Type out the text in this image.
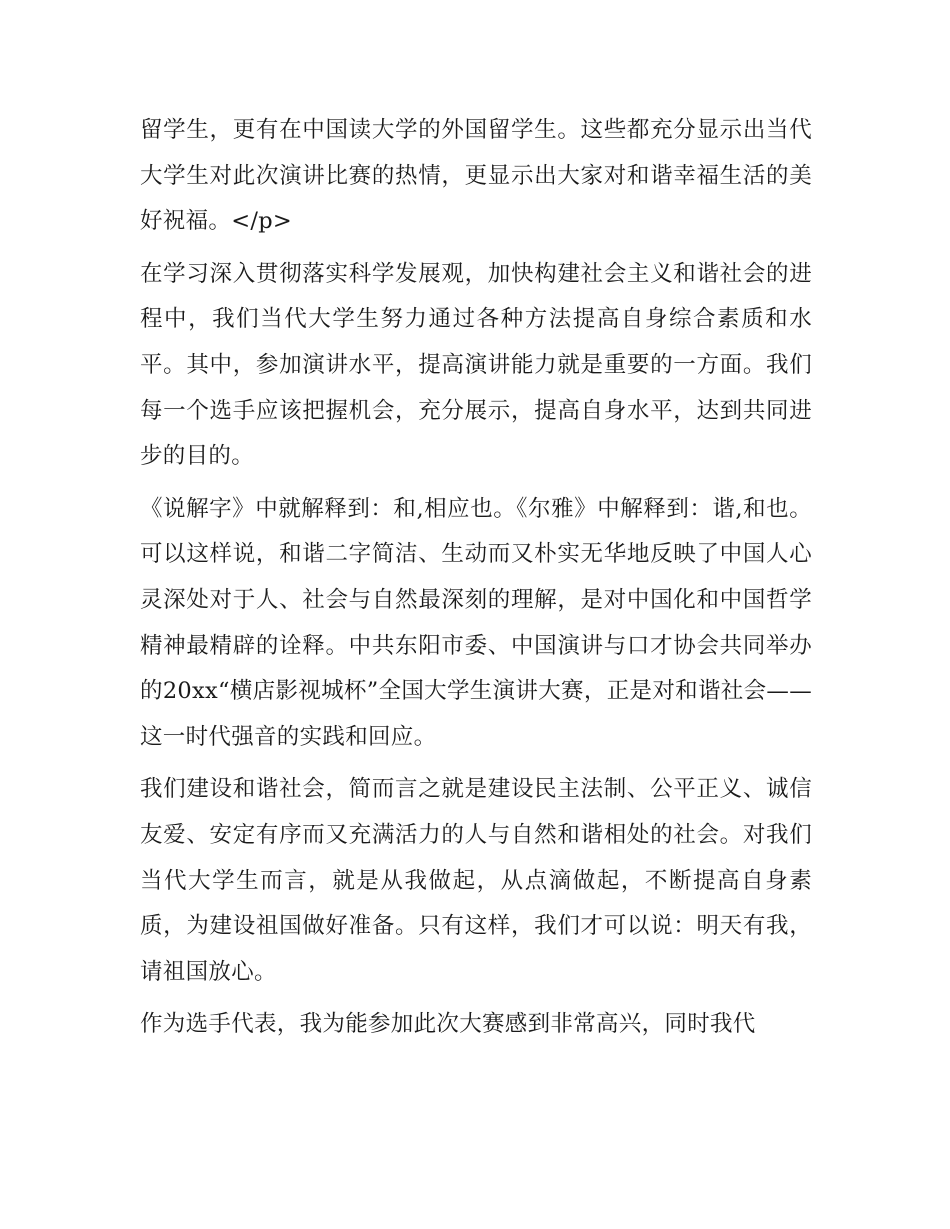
留学生，更有在中国读大学的外国留学生。这些都充分显示出当代大学生对此次演讲比赛的热情，更显示出大家对和谐幸福生活的美好祝福。</p>

在学习深入贯彻落实科学发展观，加快构建社会主义和谐社会的进程中，我们当代大学生努力通过各种方法提高自身综合素质和水平。其中，参加演讲水平，提高演讲能力就是重要的一方面。我们每一个选手应该把握机会，充分展示，提高自身水平，达到共同进步的目的。

《说解字》中就解释到：和,相应也。《尔雅》中解释到：谐,和也。可以这样说，和谐二字简洁、生动而又朴实无华地反映了中国人心灵深处对于人、社会与自然最深刻的理解，是对中国化和中国哲学精神最精辟的诠释。中共东阳市委、中国演讲与口才协会共同举办的20xx“横店影视城杯”全国大学生演讲大赛，正是对和谐社会——这一时代强音的实践和回应。

我们建设和谐社会，简而言之就是建设民主法制、公平正义、诚信友爱、安定有序而又充满活力的人与自然和谐相处的社会。对我们当代大学生而言，就是从我做起，从点滴做起，不断提高自身素质，为建设祖国做好准备。只有这样，我们才可以说：明天有我，请祖国放心。

作为选手代表，我为能参加此次大赛感到非常高兴，同时我代
